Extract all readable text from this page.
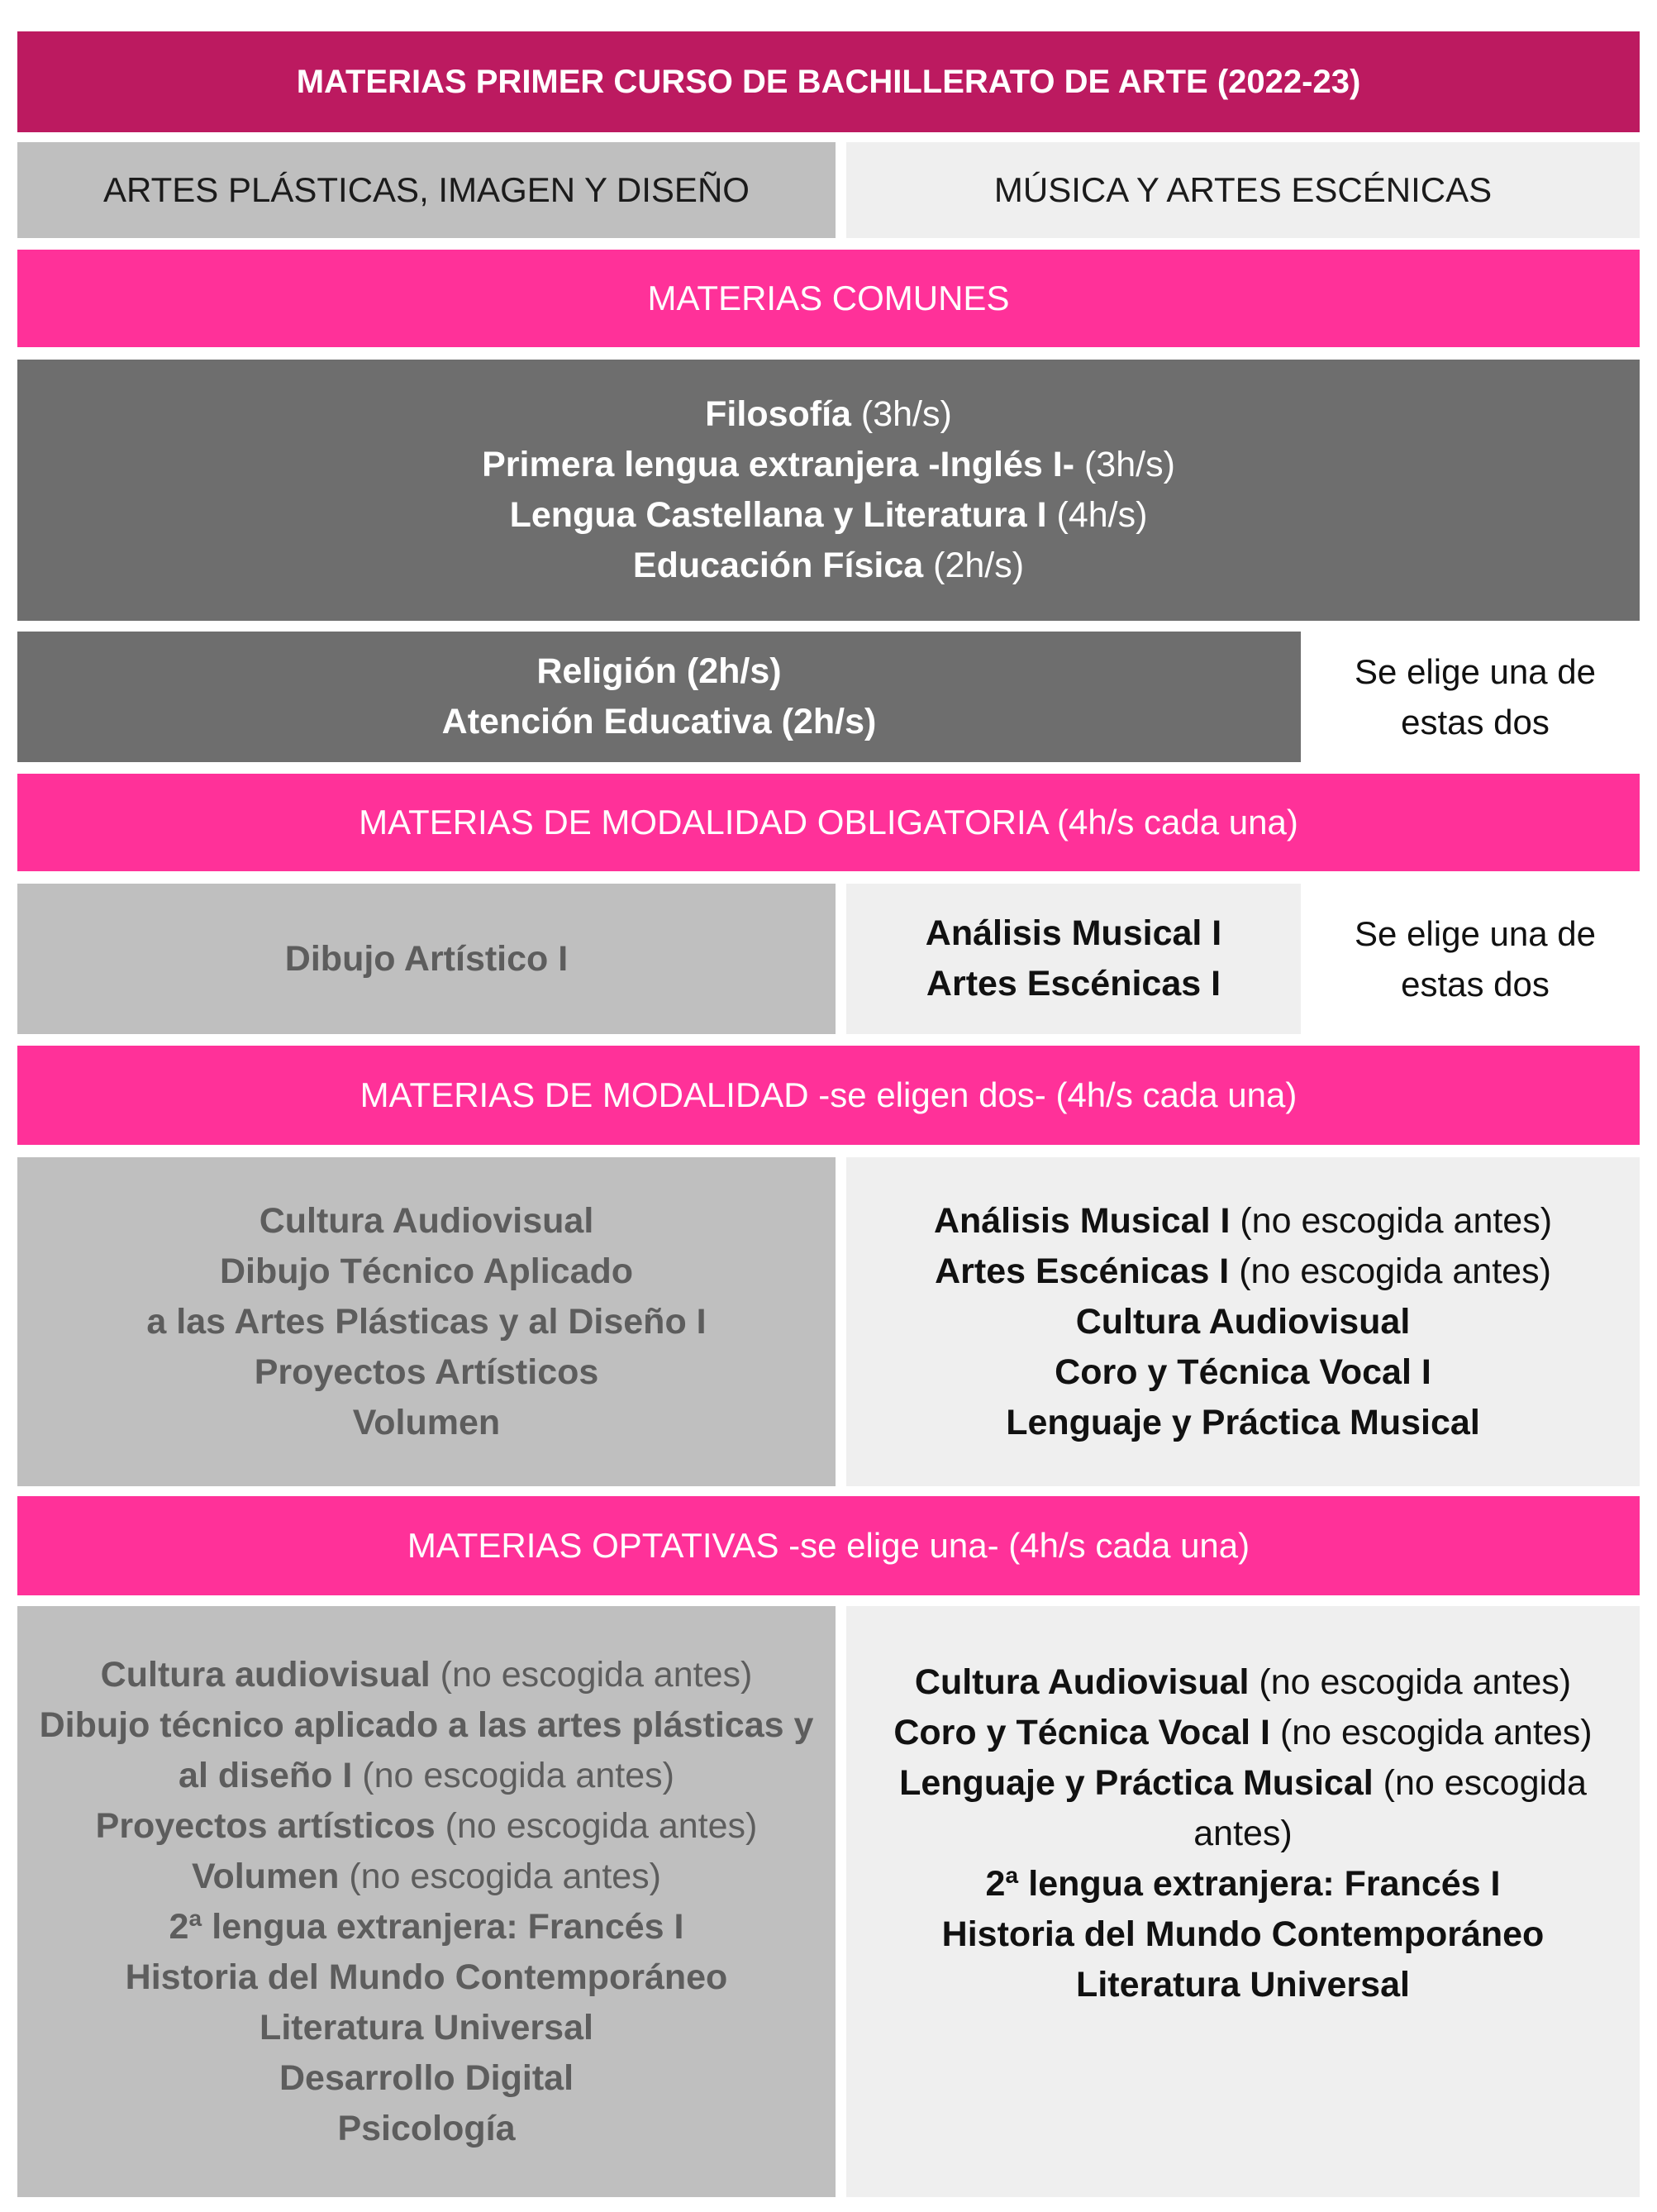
MATERIAS PRIMER CURSO DE BACHILLERATO DE ARTE (2022-23)
ARTES PLÁSTICAS, IMAGEN Y DISEÑO	MÚSICA Y ARTES ESCÉNICAS
MATERIAS COMUNES
Filosofía (3h/s)
Primera lengua extranjera -Inglés I- (3h/s)
Lengua Castellana y Literatura I (4h/s)
Educación Física (2h/s)
Religión (2h/s)
Atención Educativa (2h/s)
Se elige una de
estas dos
MATERIAS DE MODALIDAD OBLIGATORIA (4h/s cada una)
Dibujo Artístico I
Análisis Musical I
Artes Escénicas I
Se elige una de
estas dos
MATERIAS DE MODALIDAD -se eligen dos- (4h/s cada una)
Cultura Audiovisual
Dibujo Técnico Aplicado
a las Artes Plásticas y al Diseño I
Proyectos Artísticos
Volumen
Análisis Musical I (no escogida antes)
Artes Escénicas I (no escogida antes)
Cultura Audiovisual
Coro y Técnica Vocal I
Lenguaje y Práctica Musical
MATERIAS OPTATIVAS -se elige una- (4h/s cada una)
Cultura audiovisual (no escogida antes)
Dibujo técnico aplicado a las artes plásticas y
al diseño I (no escogida antes)
Proyectos artísticos (no escogida antes)
Volumen (no escogida antes)
2ª lengua extranjera: Francés I
Historia del Mundo Contemporáneo
Literatura Universal
Desarrollo Digital
Psicología
Cultura Audiovisual (no escogida antes)
Coro y Técnica Vocal I (no escogida antes)
Lenguaje y Práctica Musical (no escogida antes)
2ª lengua extranjera: Francés I
Historia del Mundo Contemporáneo
Literatura Universal
